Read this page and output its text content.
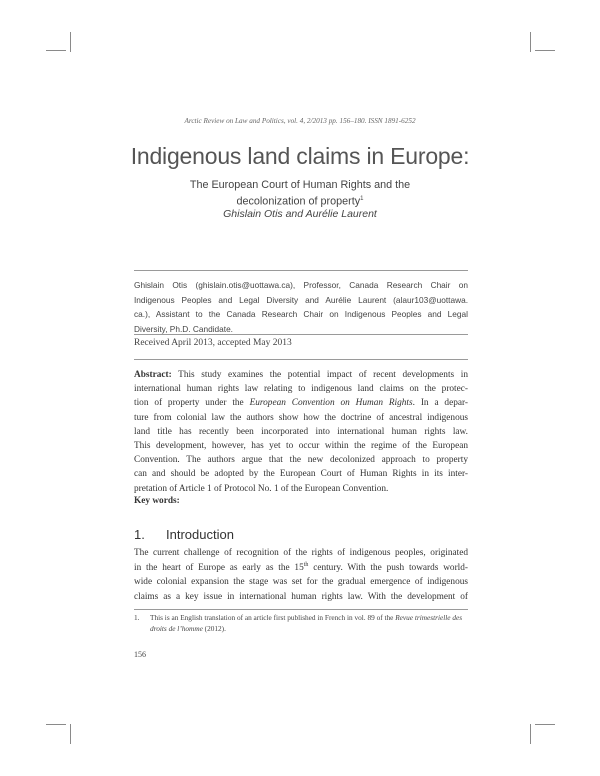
Arctic Review on Law and Politics, vol. 4, 2/2013 pp. 156–180. ISSN 1891-6252
Indigenous land claims in Europe:
The European Court of Human Rights and the
decolonization of property$^1$
Ghislain Otis and Aurélie Laurent
Ghislain Otis (ghislain.otis@uottawa.ca), Professor, Canada Research Chair on
Indigenous Peoples and Legal Diversity and Aurélie Laurent (alaur103@uottawa.
ca.), Assistant to the Canada Research Chair on Indigenous Peoples and Legal
Diversity, Ph.D. Candidate.
Received April 2013, accepted May 2013
Abstract: This study examines the potential impact of recent developments in
international human rights law relating to indigenous land claims on the protec-
tion of property under the European Convention on Human Rights. In a depar-
ture from colonial law the authors show how the doctrine of ancestral indigenous
land title has recently been incorporated into international human rights law.
This development, however, has yet to occur within the regime of the European
Convention. The authors argue that the new decolonized approach to property
can and should be adopted by the European Court of Human Rights in its inter-
pretation of Article 1 of Protocol No. 1 of the European Convention.
Key words:
1. Introduction
The current challenge of recognition of the rights of indigenous peoples, originated
in the heart of Europe as early as the 15th century. With the push towards world-
wide colonial expansion the stage was set for the gradual emergence of indigenous
claims as a key issue in international human rights law. With the development of
1. This is an English translation of an article first published in French in vol. 89 of the Revue trimestrielle des droits de l’homme (2012).
156
